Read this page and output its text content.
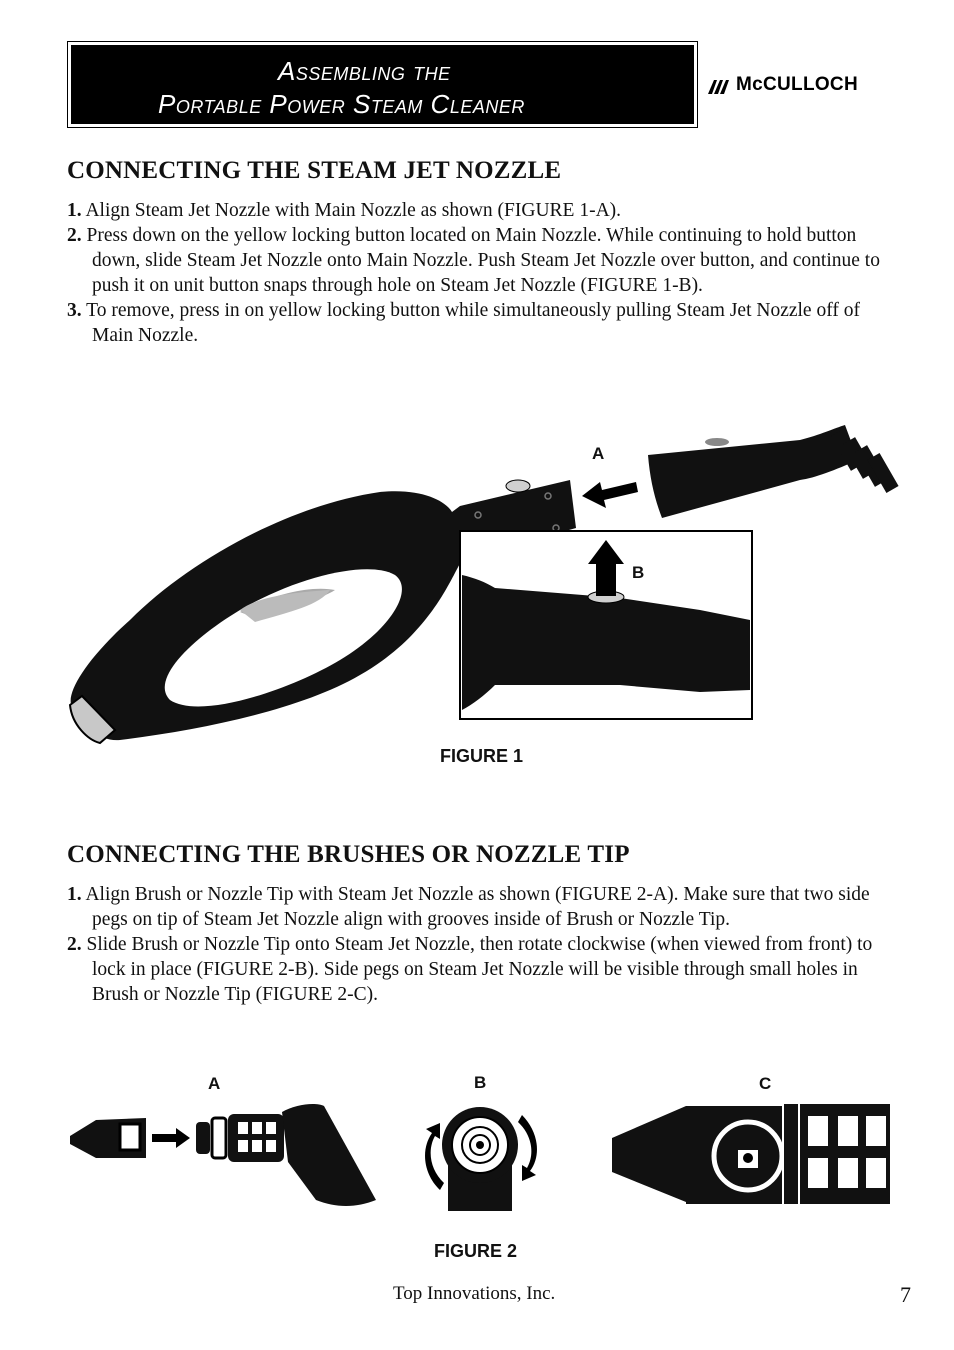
Assembling the
Portable Power Steam Cleaner
McCULLOCH
CONNECTING THE STEAM JET NOZZLE
1. Align Steam Jet Nozzle with Main Nozzle as shown (FIGURE 1-A).
2. Press down on the yellow locking button located on Main Nozzle. While continuing to hold button down, slide Steam Jet Nozzle onto Main Nozzle. Push Steam Jet Nozzle over button, and continue to push it on unit button snaps through hole on Steam Jet Nozzle (FIGURE 1-B).
3. To remove, press in on yellow locking button while simultaneously pulling Steam Jet Nozzle off of Main Nozzle.
A
B
FIGURE 1
CONNECTING THE BRUSHES OR NOZZLE TIP
1. Align Brush or Nozzle Tip with Steam Jet Nozzle as shown (FIGURE 2-A). Make sure that two side pegs on tip of Steam Jet Nozzle align with grooves inside of Brush or Nozzle Tip.
2. Slide Brush or Nozzle Tip onto Steam Jet Nozzle, then rotate clockwise (when viewed from front) to lock in place (FIGURE 2-B). Side pegs on Steam Jet Nozzle will be visible through small holes in Brush or Nozzle Tip (FIGURE 2-C).
A	B	C
FIGURE 2
Top Innovations, Inc.	7
